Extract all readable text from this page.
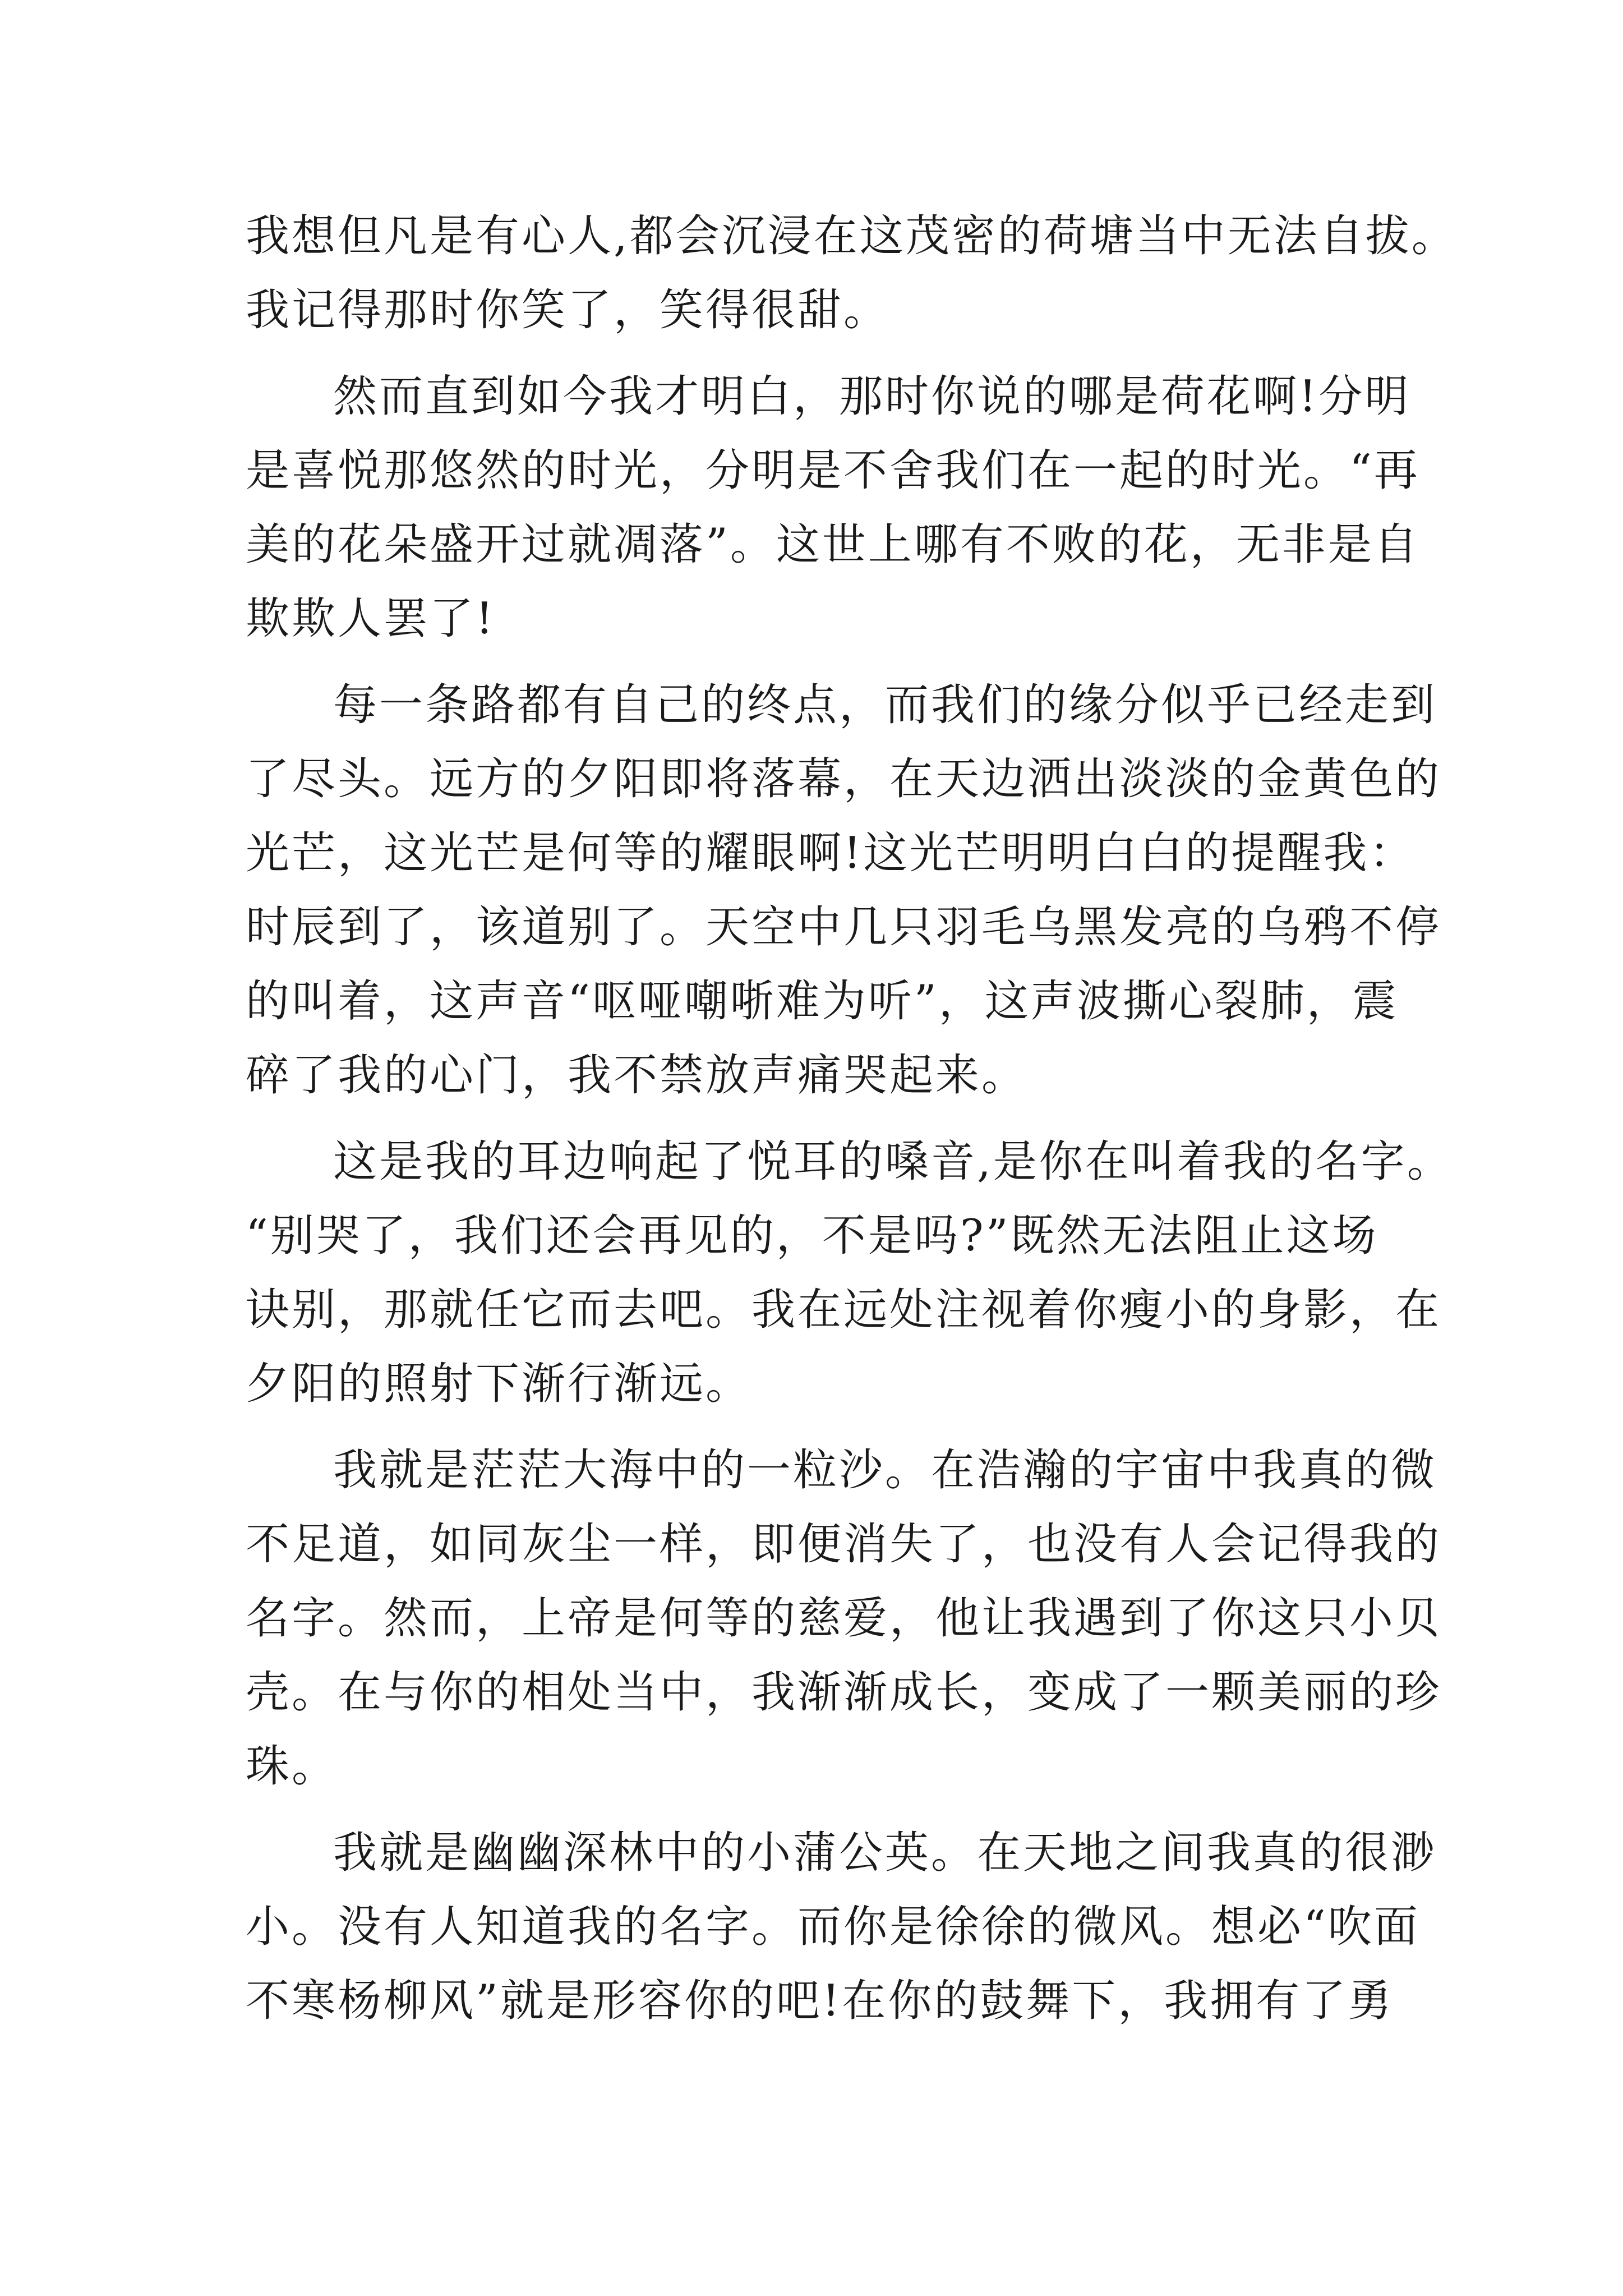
我想但凡是有心人,都会沉浸在这茂密的荷塘当中无法自拔。
我记得那时你笑了，笑得很甜。
然而直到如今我才明白，那时你说的哪是荷花啊!分明
是喜悦那悠然的时光，分明是不舍我们在一起的时光。“再
美的花朵盛开过就凋落”。这世上哪有不败的花，无非是自
欺欺人罢了!
每一条路都有自己的终点，而我们的缘分似乎已经走到
了尽头。远方的夕阳即将落幕，在天边洒出淡淡的金黄色的
光芒，这光芒是何等的耀眼啊!这光芒明明白白的提醒我：
时辰到了，该道别了。天空中几只羽毛乌黑发亮的乌鸦不停
的叫着，这声音“呕哑嘲哳难为听”，这声波撕心裂肺，震
碎了我的心门，我不禁放声痛哭起来。
这是我的耳边响起了悦耳的嗓音,是你在叫着我的名字。
“别哭了，我们还会再见的，不是吗?”既然无法阻止这场
诀别，那就任它而去吧。我在远处注视着你瘦小的身影，在
夕阳的照射下渐行渐远。
我就是茫茫大海中的一粒沙。在浩瀚的宇宙中我真的微
不足道，如同灰尘一样，即便消失了，也没有人会记得我的
名字。然而，上帝是何等的慈爱，他让我遇到了你这只小贝
壳。在与你的相处当中，我渐渐成长，变成了一颗美丽的珍
珠。
我就是幽幽深林中的小蒲公英。在天地之间我真的很渺
小。没有人知道我的名字。而你是徐徐的微风。想必“吹面
不寒杨柳风”就是形容你的吧!在你的鼓舞下，我拥有了勇
